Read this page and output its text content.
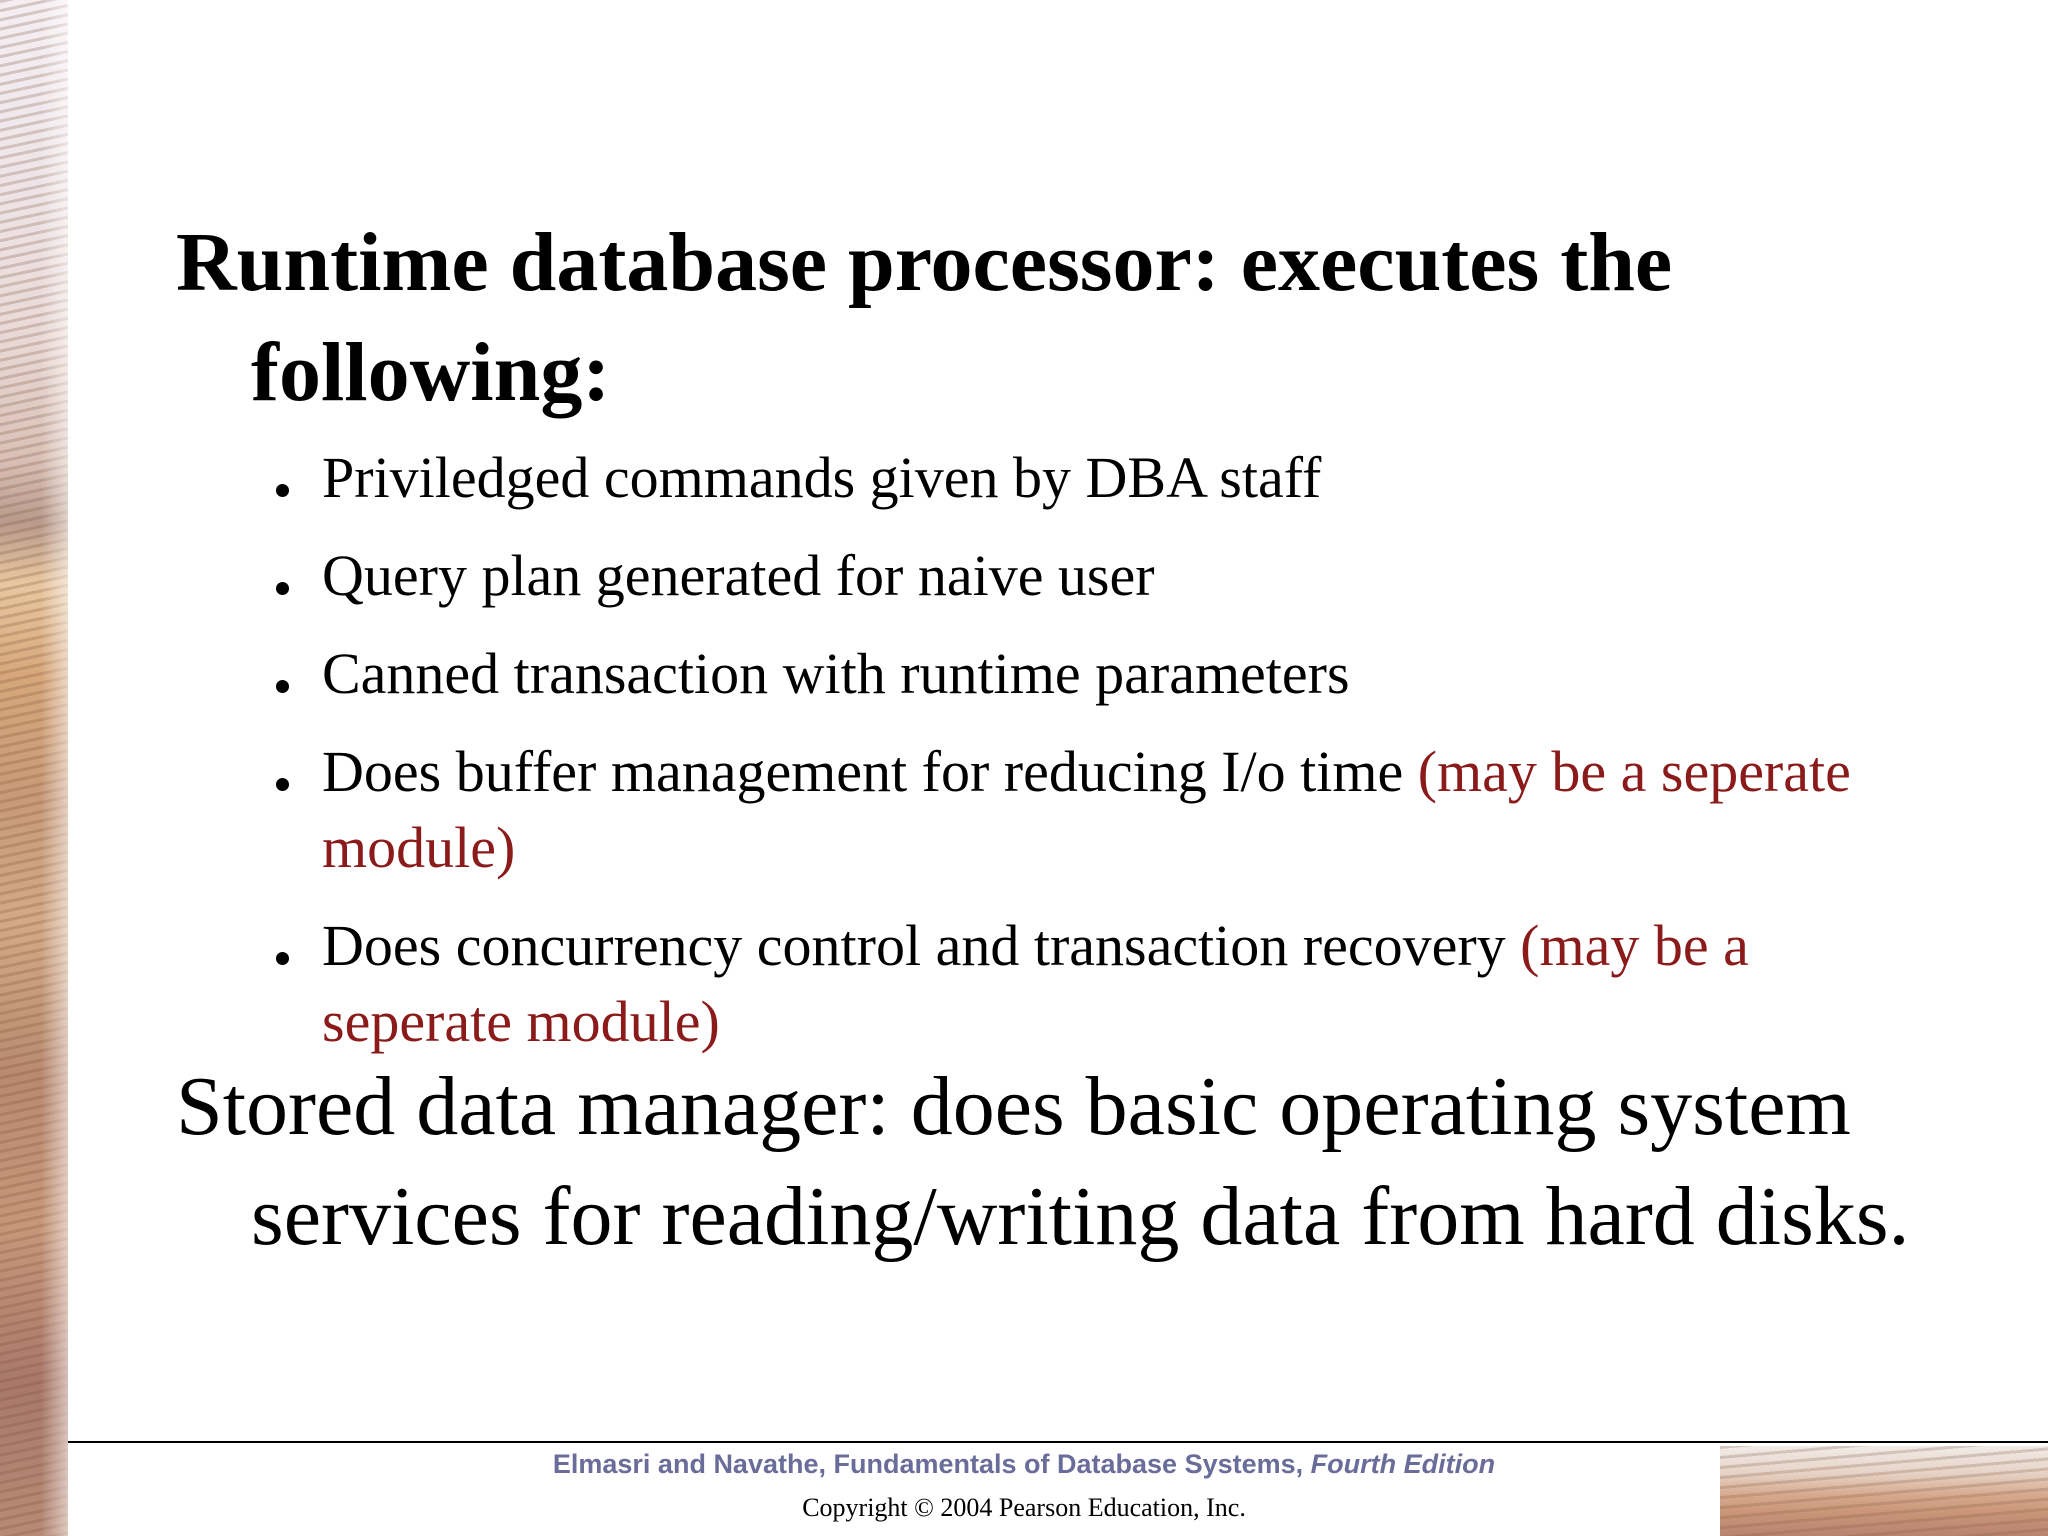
Runtime database processor: executes the following:

Priviledged commands given by DBA staff
Query plan generated for naive user
Canned transaction with runtime parameters
Does buffer management for reducing I/o time (may be a seperate module)
Does concurrency control and transaction recovery (may be a seperate module)

Stored data manager: does basic operating system services for reading/writing data from hard disks.

Elmasri and Navathe, Fundamentals of Database Systems, Fourth Edition
Copyright © 2004 Pearson Education, Inc.
